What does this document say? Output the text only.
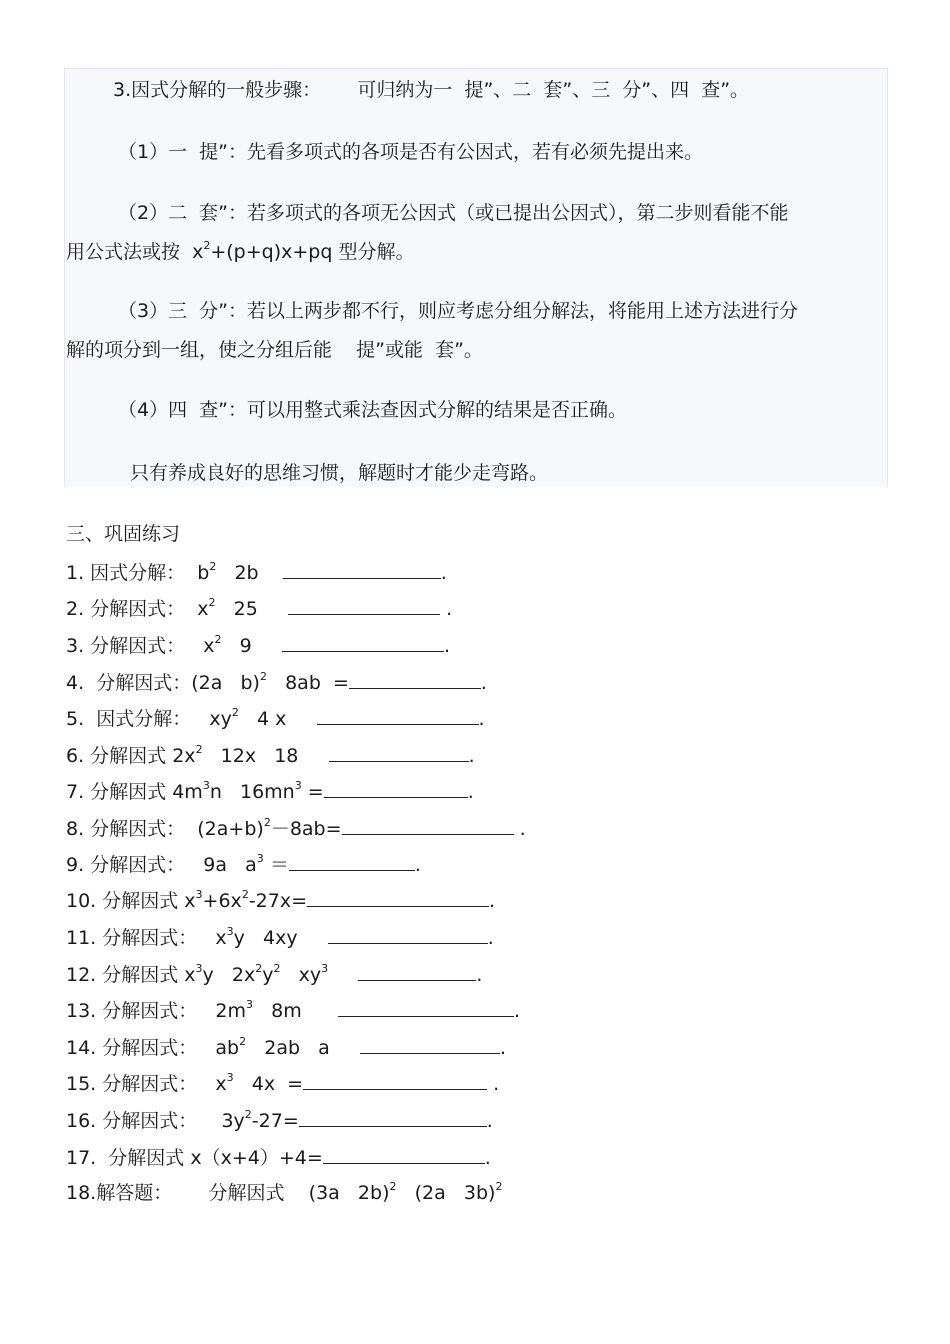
3.因式分解的一般步骤：      可归纳为一  提”、二  套”、三  分”、四  查”。
（1）一  提”：先看多项式的各项是否有公因式，若有必须先提出来。
（2）二  套”：若多项式的各项无公因式（或已提出公因式），第二步则看能不能
用公式法或按  $x^2+(p+q)x+pq$ 型分解。
（3）三  分”：若以上两步都不行，则应考虑分组分解法，将能用上述方法进行分
解的项分到一组，使之分组后能    提”或能  套”。
（4）四  查”：可以用整式乘法查因式分解的结果是否正确。
只有养成良好的思维习惯，解题时才能少走弯路。
三、巩固练习
1. 因式分解： $b^2$   2b	.
2. 分解因式： $x^2$   25	.
3. 分解因式： $x^2$   9	.
4.  分解因式：(2a   b)$^2$   8ab  =	.
5.  因式分解： $xy^2$   4 x	.
6. 分解因式 $2x^2$   12x   18	.
7. 分解因式 $4m^3n$   $16mn^3$ =	.
8. 分解因式： $(2a+b)^2-8ab=$	.
9. 分解因式： 9a   $a^3$ ＝	.
10. 分解因式 $x^3+6x^2-27x=$	.
11. 分解因式： $x^3y$   4xy	.
12. 分解因式 $x^3y$   $2x^2y^2$   $xy^3$	.
13. 分解因式： $2m^3$   8m	.
14. 分解因式： $ab^2$   2ab   a	.
15. 分解因式： $x^3$   4x  =	.
16. 分解因式： $3y^2-27=$	.
17.  分解因式 x（x+4）+4=	.
18.解答题： 分解因式 (3a   2b)$^2$   (2a   3b)$^2$
